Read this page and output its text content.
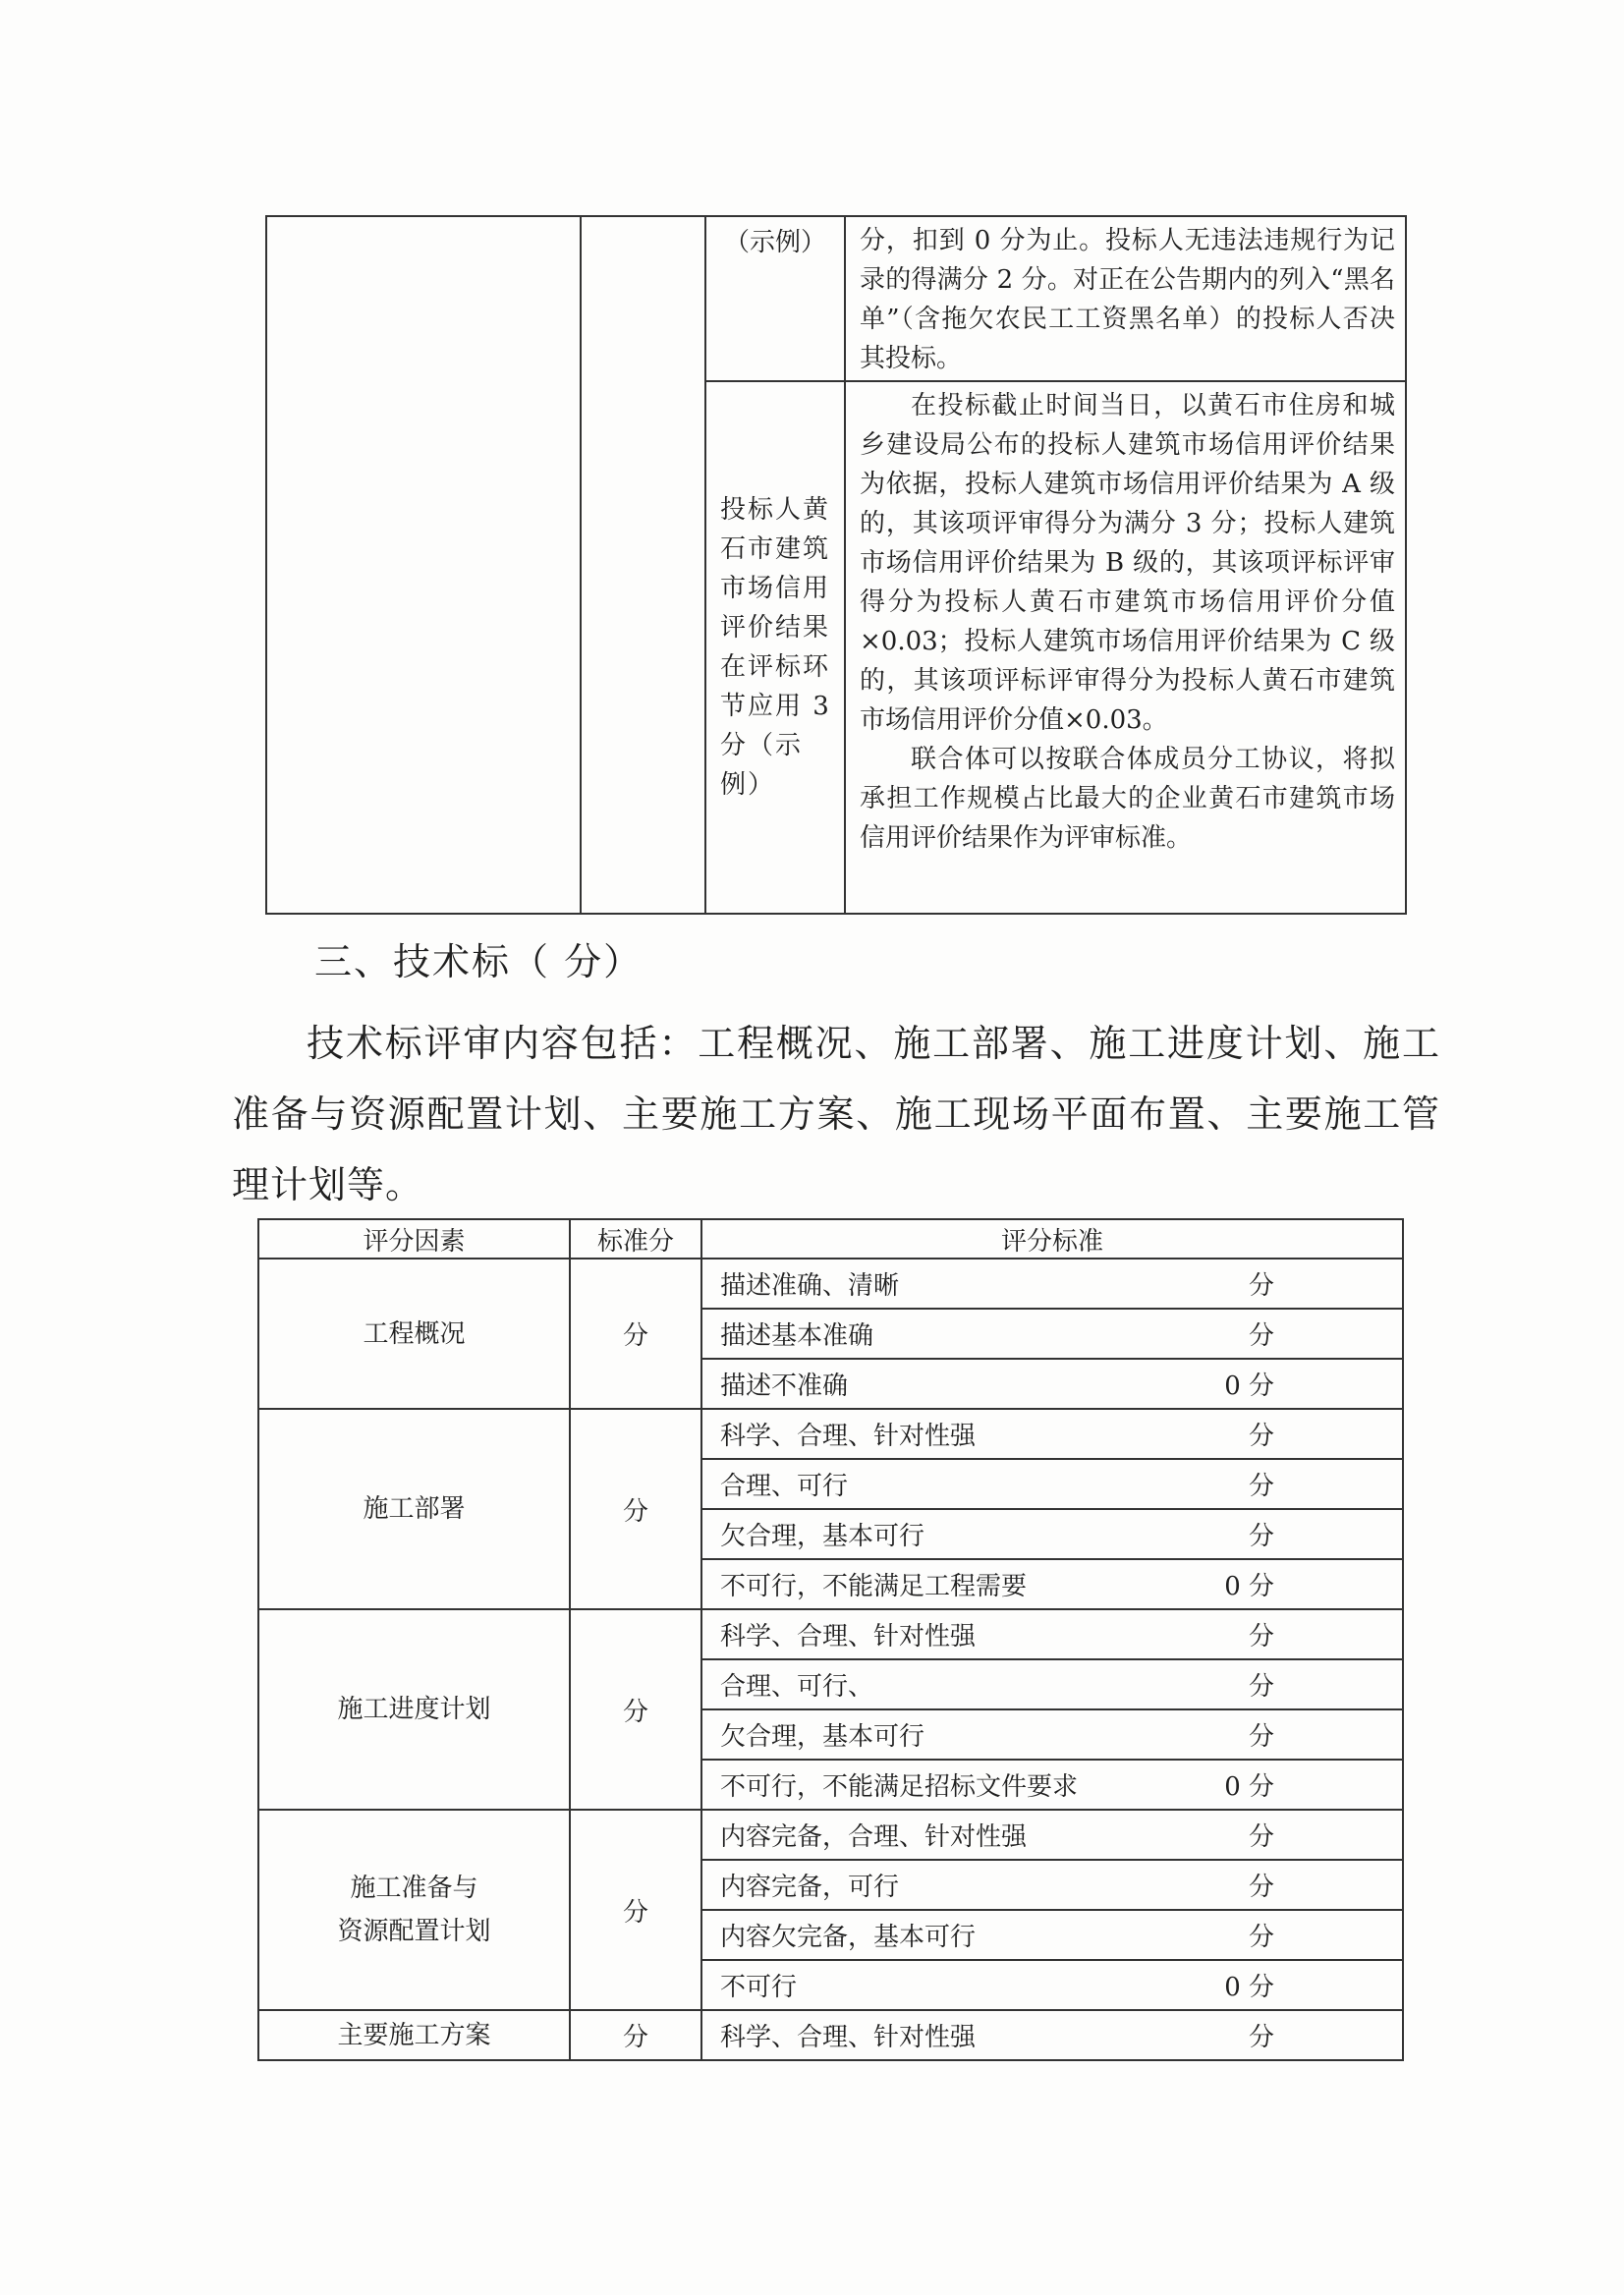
		（示例）	分，扣到 0 分为止。投标人无违法违规行为记录的得满分 2 分。对正在公告期内的列入“黑名单”（含拖欠农民工工资黑名单）的投标人否决其投标。
		投标人黄石市建筑市场信用评价结果在评标环节应用 3 分（示例）	在投标截止时间当日，以黄石市住房和城乡建设局公布的投标人建筑市场信用评价结果为依据，投标人建筑市场信用评价结果为 A 级的，其该项评审得分为满分 3 分；投标人建筑市场信用评价结果为 B 级的，其该项评标评审得分为投标人黄石市建筑市场信用评价分值×0.03；投标人建筑市场信用评价结果为 C 级的，其该项评标评审得分为投标人黄石市建筑市场信用评价分值×0.03。

联合体可以按联合体成员分工协议，将拟承担工作规模占比最大的企业黄石市建筑市场信用评价结果作为评审标准。

三、技术标（ 分）

技术标评审内容包括：工程概况、施工部署、施工进度计划、施工准备与资源配置计划、主要施工方案、施工现场平面布置、主要施工管理计划等。

评分因素	标准分	评分标准
工程概况	分	描述准确、清晰 分

		描述基本准确 分

		描述不准确 0 分

施工部署	分	科学、合理、针对性强 分

		合理、可行 分

		欠合理，基本可行 分

		不可行，不能满足工程需要 0 分

施工进度计划	分	科学、合理、针对性强 分

		合理、可行、 分

		欠合理，基本可行 分

		不可行，不能满足招标文件要求 0 分

施工准备与
资源配置计划	分	内容完备，合理、针对性强 分

		内容完备，可行 分

		内容欠完备，基本可行 分

		不可行 0 分

主要施工方案	分	科学、合理、针对性强 分
